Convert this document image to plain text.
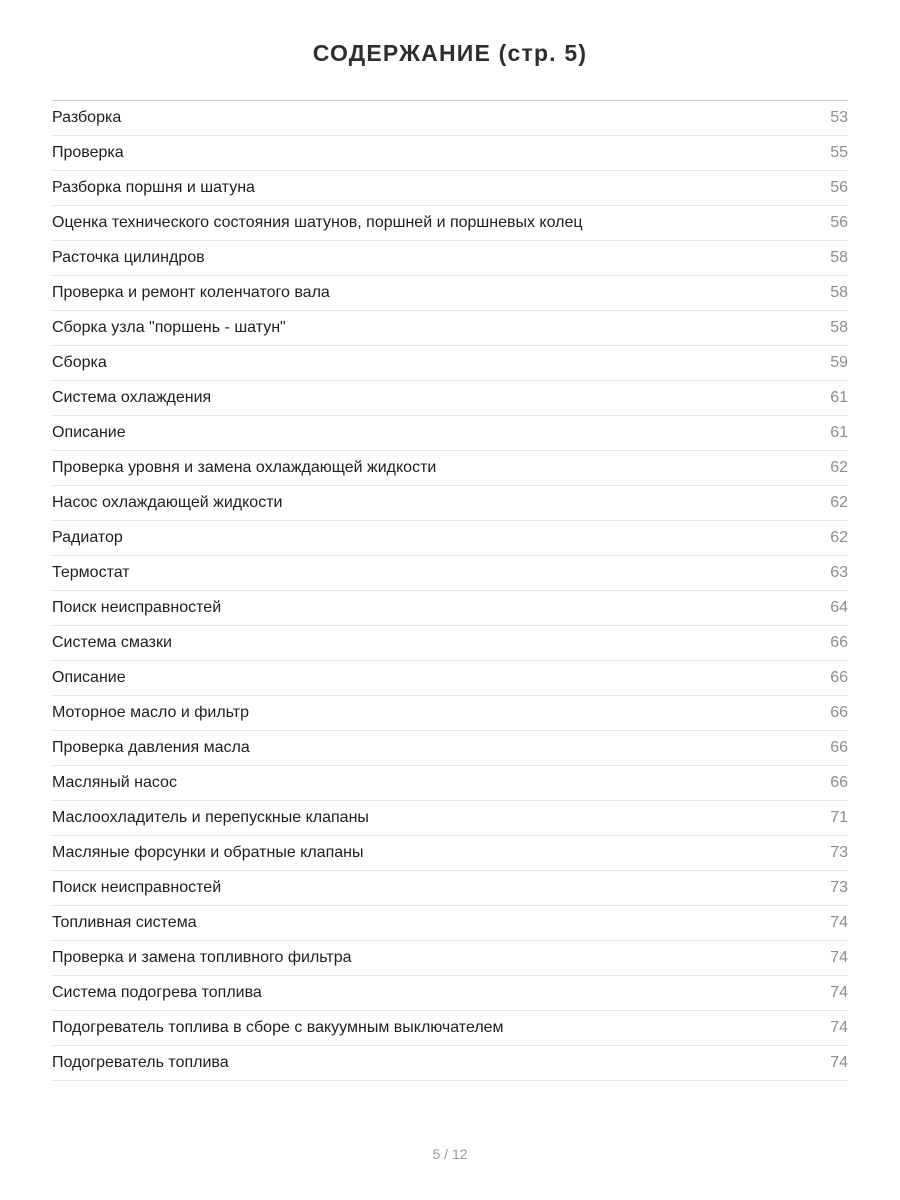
СОДЕРЖАНИЕ (стр. 5)
Разборка	53
Проверка	55
Разборка поршня и шатуна	56
Оценка технического состояния шатунов, поршней и поршневых колец	56
Расточка цилиндров	58
Проверка и ремонт коленчатого вала	58
Сборка узла "поршень - шатун"	58
Сборка	59
Система охлаждения	61
Описание	61
Проверка уровня и замена охлаждающей жидкости	62
Насос охлаждающей жидкости	62
Радиатор	62
Термостат	63
Поиск неисправностей	64
Система смазки	66
Описание	66
Моторное масло и фильтр	66
Проверка давления масла	66
Масляный насос	66
Маслоохладитель и перепускные клапаны	71
Масляные форсунки и обратные клапаны	73
Поиск неисправностей	73
Топливная система	74
Проверка и замена топливного фильтра	74
Система подогрева топлива	74
Подогреватель топлива в сборе с вакуумным выключателем	74
Подогреватель топлива	74
5 / 12
